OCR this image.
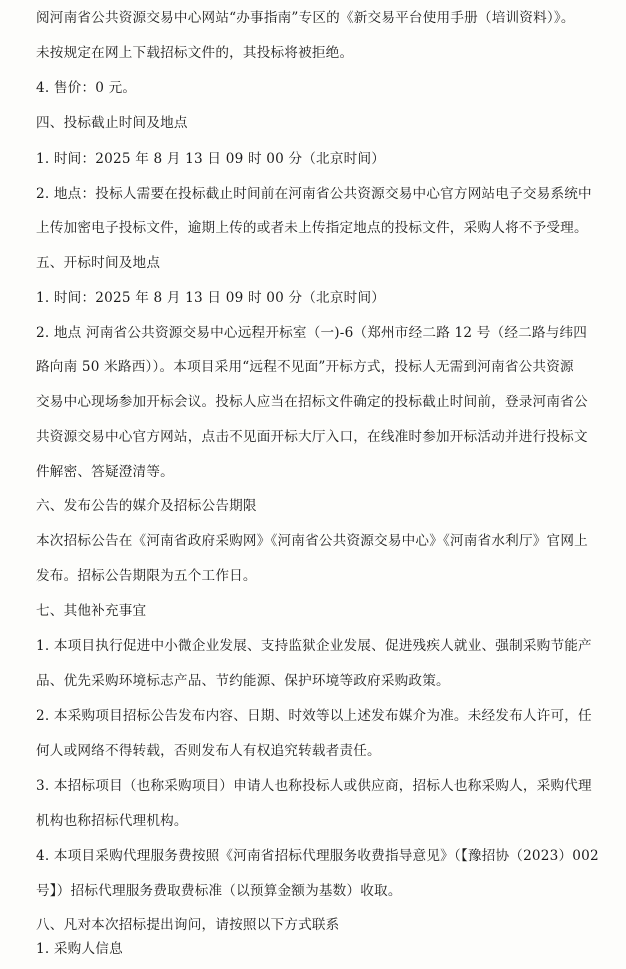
阅河南省公共资源交易中心网站“办事指南”专区的《新交易平台使用手册（培训资料）》。
未按规定在网上下载招标文件的，其投标将被拒绝。
4. 售价：0 元。
四、投标截止时间及地点
1. 时间：2025 年 8 月 13 日 09 时 00 分（北京时间）
2. 地点：投标人需要在投标截止时间前在河南省公共资源交易中心官方网站电子交易系统中
上传加密电子投标文件，逾期上传的或者未上传指定地点的投标文件，采购人将不予受理。
五、开标时间及地点
1. 时间：2025 年 8 月 13 日 09 时 00 分（北京时间）
2. 地点 河南省公共资源交易中心远程开标室（一)-6（郑州市经二路 12 号（经二路与纬四
路向南 50 米路西））。本项目采用“远程不见面”开标方式，投标人无需到河南省公共资源
交易中心现场参加开标会议。投标人应当在招标文件确定的投标截止时间前，登录河南省公
共资源交易中心官方网站，点击不见面开标大厅入口，在线准时参加开标活动并进行投标文
件解密、答疑澄清等。
六、发布公告的媒介及招标公告期限
本次招标公告在《河南省政府采购网》《河南省公共资源交易中心》《河南省水利厅》官网上
发布。招标公告期限为五个工作日。
七、其他补充事宜
1. 本项目执行促进中小微企业发展、支持监狱企业发展、促进残疾人就业、强制采购节能产
品、优先采购环境标志产品、节约能源、保护环境等政府采购政策。
2. 本采购项目招标公告发布内容、日期、时效等以上述发布媒介为准。未经发布人许可，任
何人或网络不得转载，否则发布人有权追究转载者责任。
3. 本招标项目（也称采购项目）申请人也称投标人或供应商，招标人也称采购人，采购代理
机构也称招标代理机构。
4. 本项目采购代理服务费按照《河南省招标代理服务收费指导意见》（【豫招协（2023）002
号】）招标代理服务费取费标准（以预算金额为基数）收取。
八、凡对本次招标提出询问，请按照以下方式联系
1. 采购人信息
